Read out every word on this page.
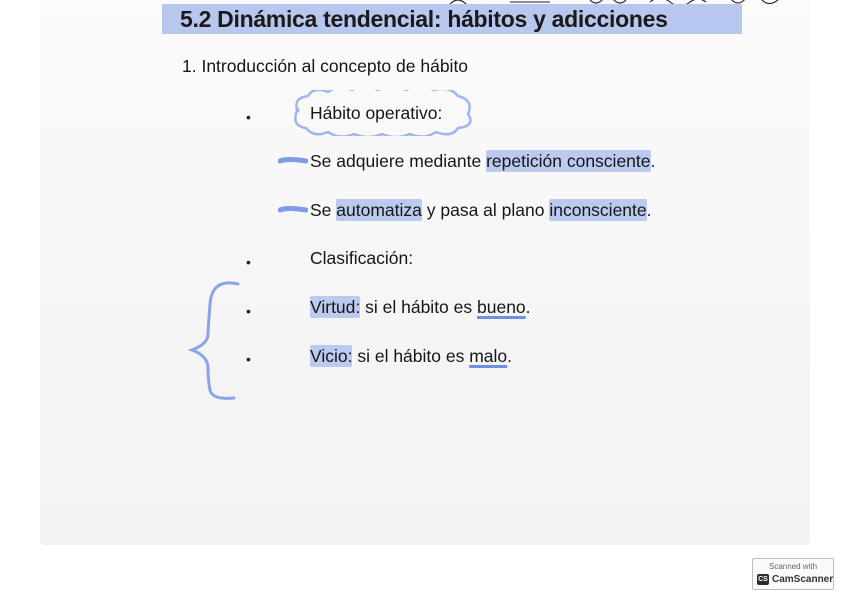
5.2 Dinámica tendencial: hábitos y adicciones
1. Introducción al concepto de hábito
•	Hábito operativo:
Se adquiere mediante repetición consciente.
Se automatiza y pasa al plano inconsciente.
•	Clasificación:
•	Virtud: si el hábito es bueno.
•	Vicio: si el hábito es malo.
Scanned with
CS CamScanner
